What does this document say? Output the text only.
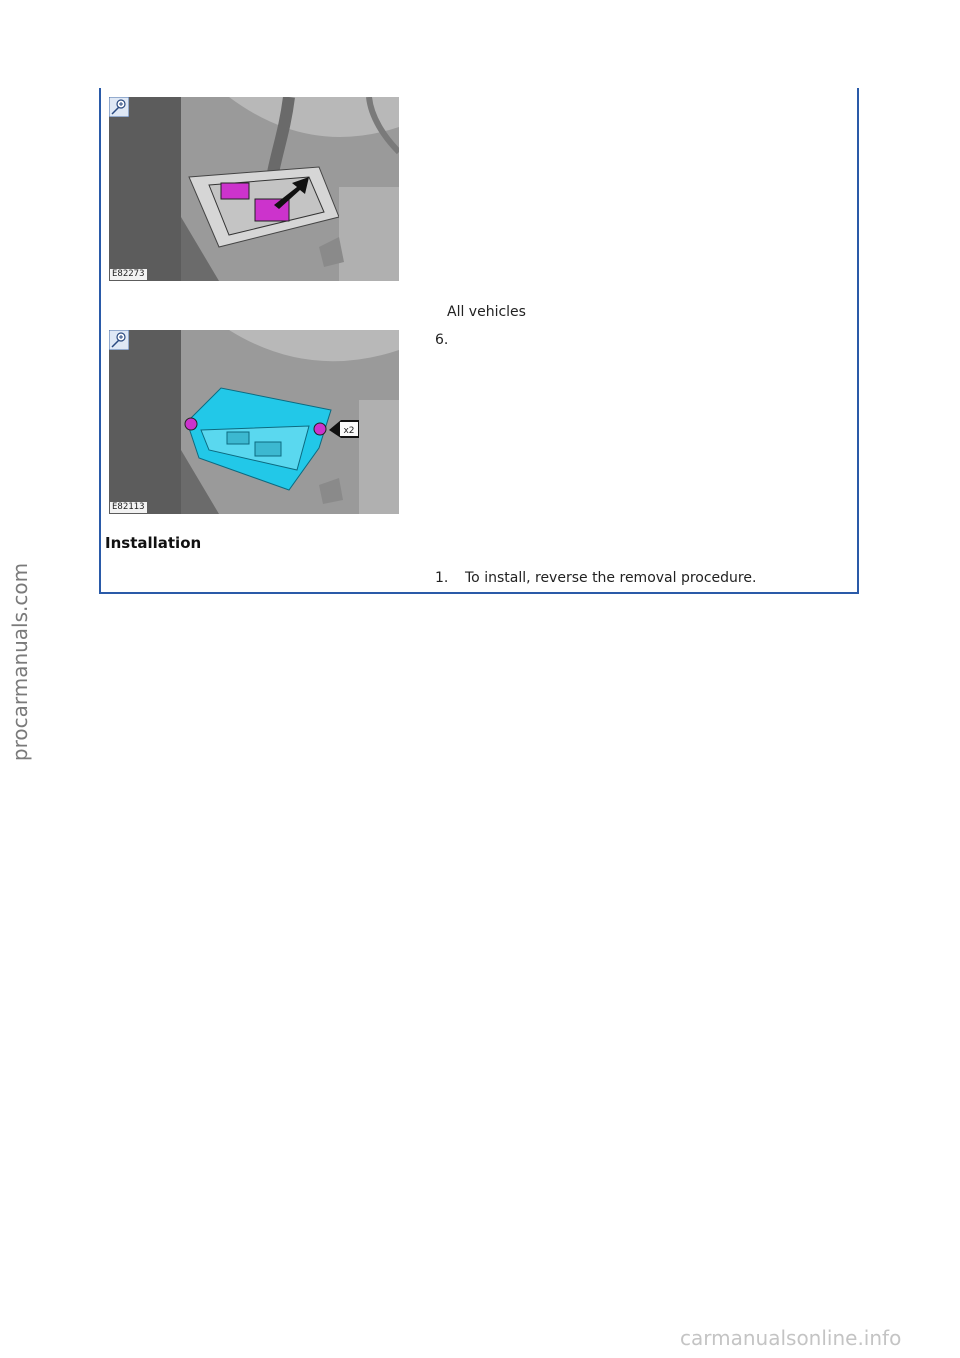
E82273
x2
E82113
All vehicles
6.
Installation
1. To install, reverse the removal procedure.
procarmanuals.com
carmanualsonline.info
